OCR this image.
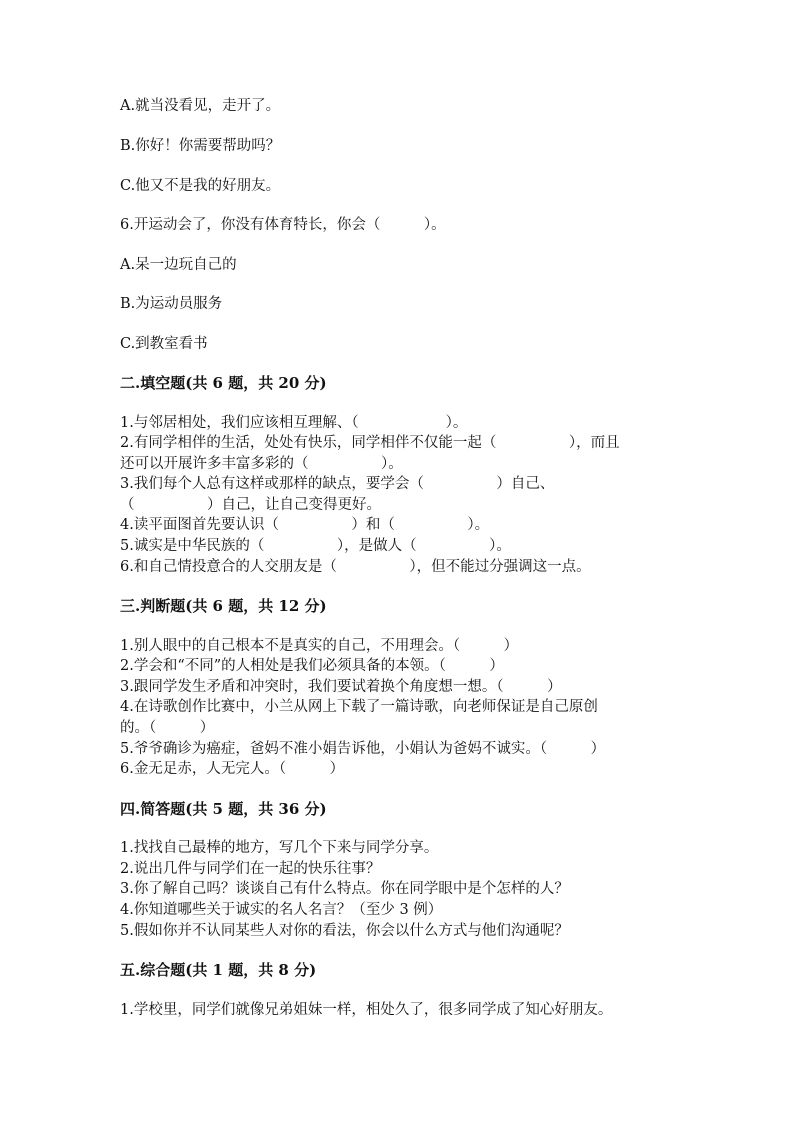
A.就当没看见，走开了。
B.你好！你需要帮助吗？
C.他又不是我的好朋友。
6.开运动会了，你没有体育特长，你会（　　　）。
A.呆一边玩自己的
B.为运动员服务
C.到教室看书
二.填空题(共 6 题，共 20 分)
1.与邻居相处，我们应该相互理解、（　　　　　　）。
2.有同学相伴的生活，处处有快乐，同学相伴不仅能一起（　　　　　），而且
还可以开展许多丰富多彩的（　　　　　）。
3.我们每个人总有这样或那样的缺点，要学会（　　　　　）自己、
（　　　　　）自己，让自己变得更好。
4.读平面图首先要认识（　　　　　）和（　　　　　）。
5.诚实是中华民族的（　　　　　），是做人（　　　　　）。
6.和自己情投意合的人交朋友是（　　　　　），但不能过分强调这一点。
三.判断题(共 6 题，共 12 分)
1.别人眼中的自己根本不是真实的自己，不用理会。（　　　）
2.学会和“不同”的人相处是我们必须具备的本领。（　　　）
3.跟同学发生矛盾和冲突时，我们要试着换个角度想一想。（　　　）
4.在诗歌创作比赛中，小兰从网上下载了一篇诗歌，向老师保证是自己原创
的。（　　　）
5.爷爷确诊为癌症，爸妈不准小娟告诉他，小娟认为爸妈不诚实。（　　　）
6.金无足赤，人无完人。（　　　）
四.简答题(共 5 题，共 36 分)
1.找找自己最棒的地方，写几个下来与同学分享。
2.说出几件与同学们在一起的快乐往事？
3.你了解自己吗？谈谈自己有什么特点。你在同学眼中是个怎样的人？
4.你知道哪些关于诚实的名人名言？（至少 3 例）
5.假如你并不认同某些人对你的看法，你会以什么方式与他们沟通呢？
五.综合题(共 1 题，共 8 分)
1.学校里，同学们就像兄弟姐妹一样，相处久了，很多同学成了知心好朋友。
